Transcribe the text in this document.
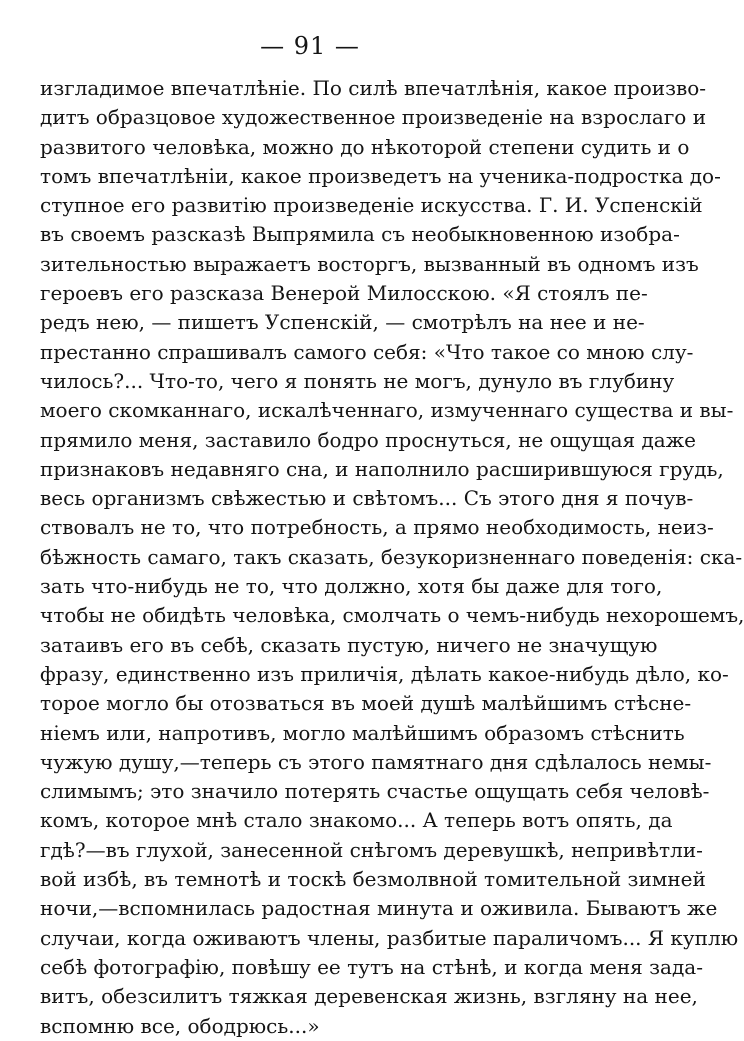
— 91 —
изгладимое впечатлѣніе. По силѣ впечатлѣнія, какое произво-
дитъ образцовое художественное произведеніе на взрослаго и
развитого человѣка, можно до нѣкоторой степени судить и о
томъ впечатлѣніи, какое произведетъ на ученика-подростка до-
ступное его развитію произведеніе искусства. Г. И. Успенскій
въ своемъ разсказѣ Выпрямила съ необыкновенною изобра-
зительностью выражаетъ восторгъ, вызванный въ одномъ изъ
героевъ его разсказа Венерой Милосскою. «Я стоялъ пе-
редъ нею, — пишетъ Успенскій, — смотрѣлъ на нее и не-
престанно спрашивалъ самого себя: «Что такое со мною слу-
чилось?... Что-то, чего я понять не могъ, дунуло въ глубину
моего скомканнаго, искалѣченнаго, измученнаго существа и вы-
прямило меня, заставило бодро проснуться, не ощущая даже
признаковъ недавняго сна, и наполнило расширившуюся грудь,
весь организмъ свѣжестью и свѣтомъ... Съ этого дня я почув-
ствовалъ не то, что потребность, а прямо необходимость, неиз-
бѣжность самаго, такъ сказать, безукоризненнаго поведенія: ска-
зать что-нибудь не то, что должно, хотя бы даже для того,
чтобы не обидѣть человѣка, смолчать о чемъ-нибудь нехорошемъ,
затаивъ его въ себѣ, сказать пустую, ничего не значущую
фразу, единственно изъ приличія, дѣлать какое-нибудь дѣло, ко-
торое могло бы отозваться въ моей душѣ малѣйшимъ стѣсне-
ніемъ или, напротивъ, могло малѣйшимъ образомъ стѣснить
чужую душу,—теперь съ этого памятнаго дня сдѣлалось немы-
слимымъ; это значило потерять счастье ощущать себя человѣ-
комъ, которое мнѣ стало знакомо... А теперь вотъ опять, да
гдѣ?—въ глухой, занесенной снѣгомъ деревушкѣ, непривѣтли-
вой избѣ, въ темнотѣ и тоскѣ безмолвной томительной зимней
ночи,—вспомнилась радостная минута и оживила. Бываютъ же
случаи, когда оживаютъ члены, разбитые параличомъ... Я куплю
себѣ фотографію, повѣшу ее тутъ на стѣнѣ, и когда меня зада-
витъ, обезсилитъ тяжкая деревенская жизнь, взгляну на нее,
вспомню все, ободрюсь...»
